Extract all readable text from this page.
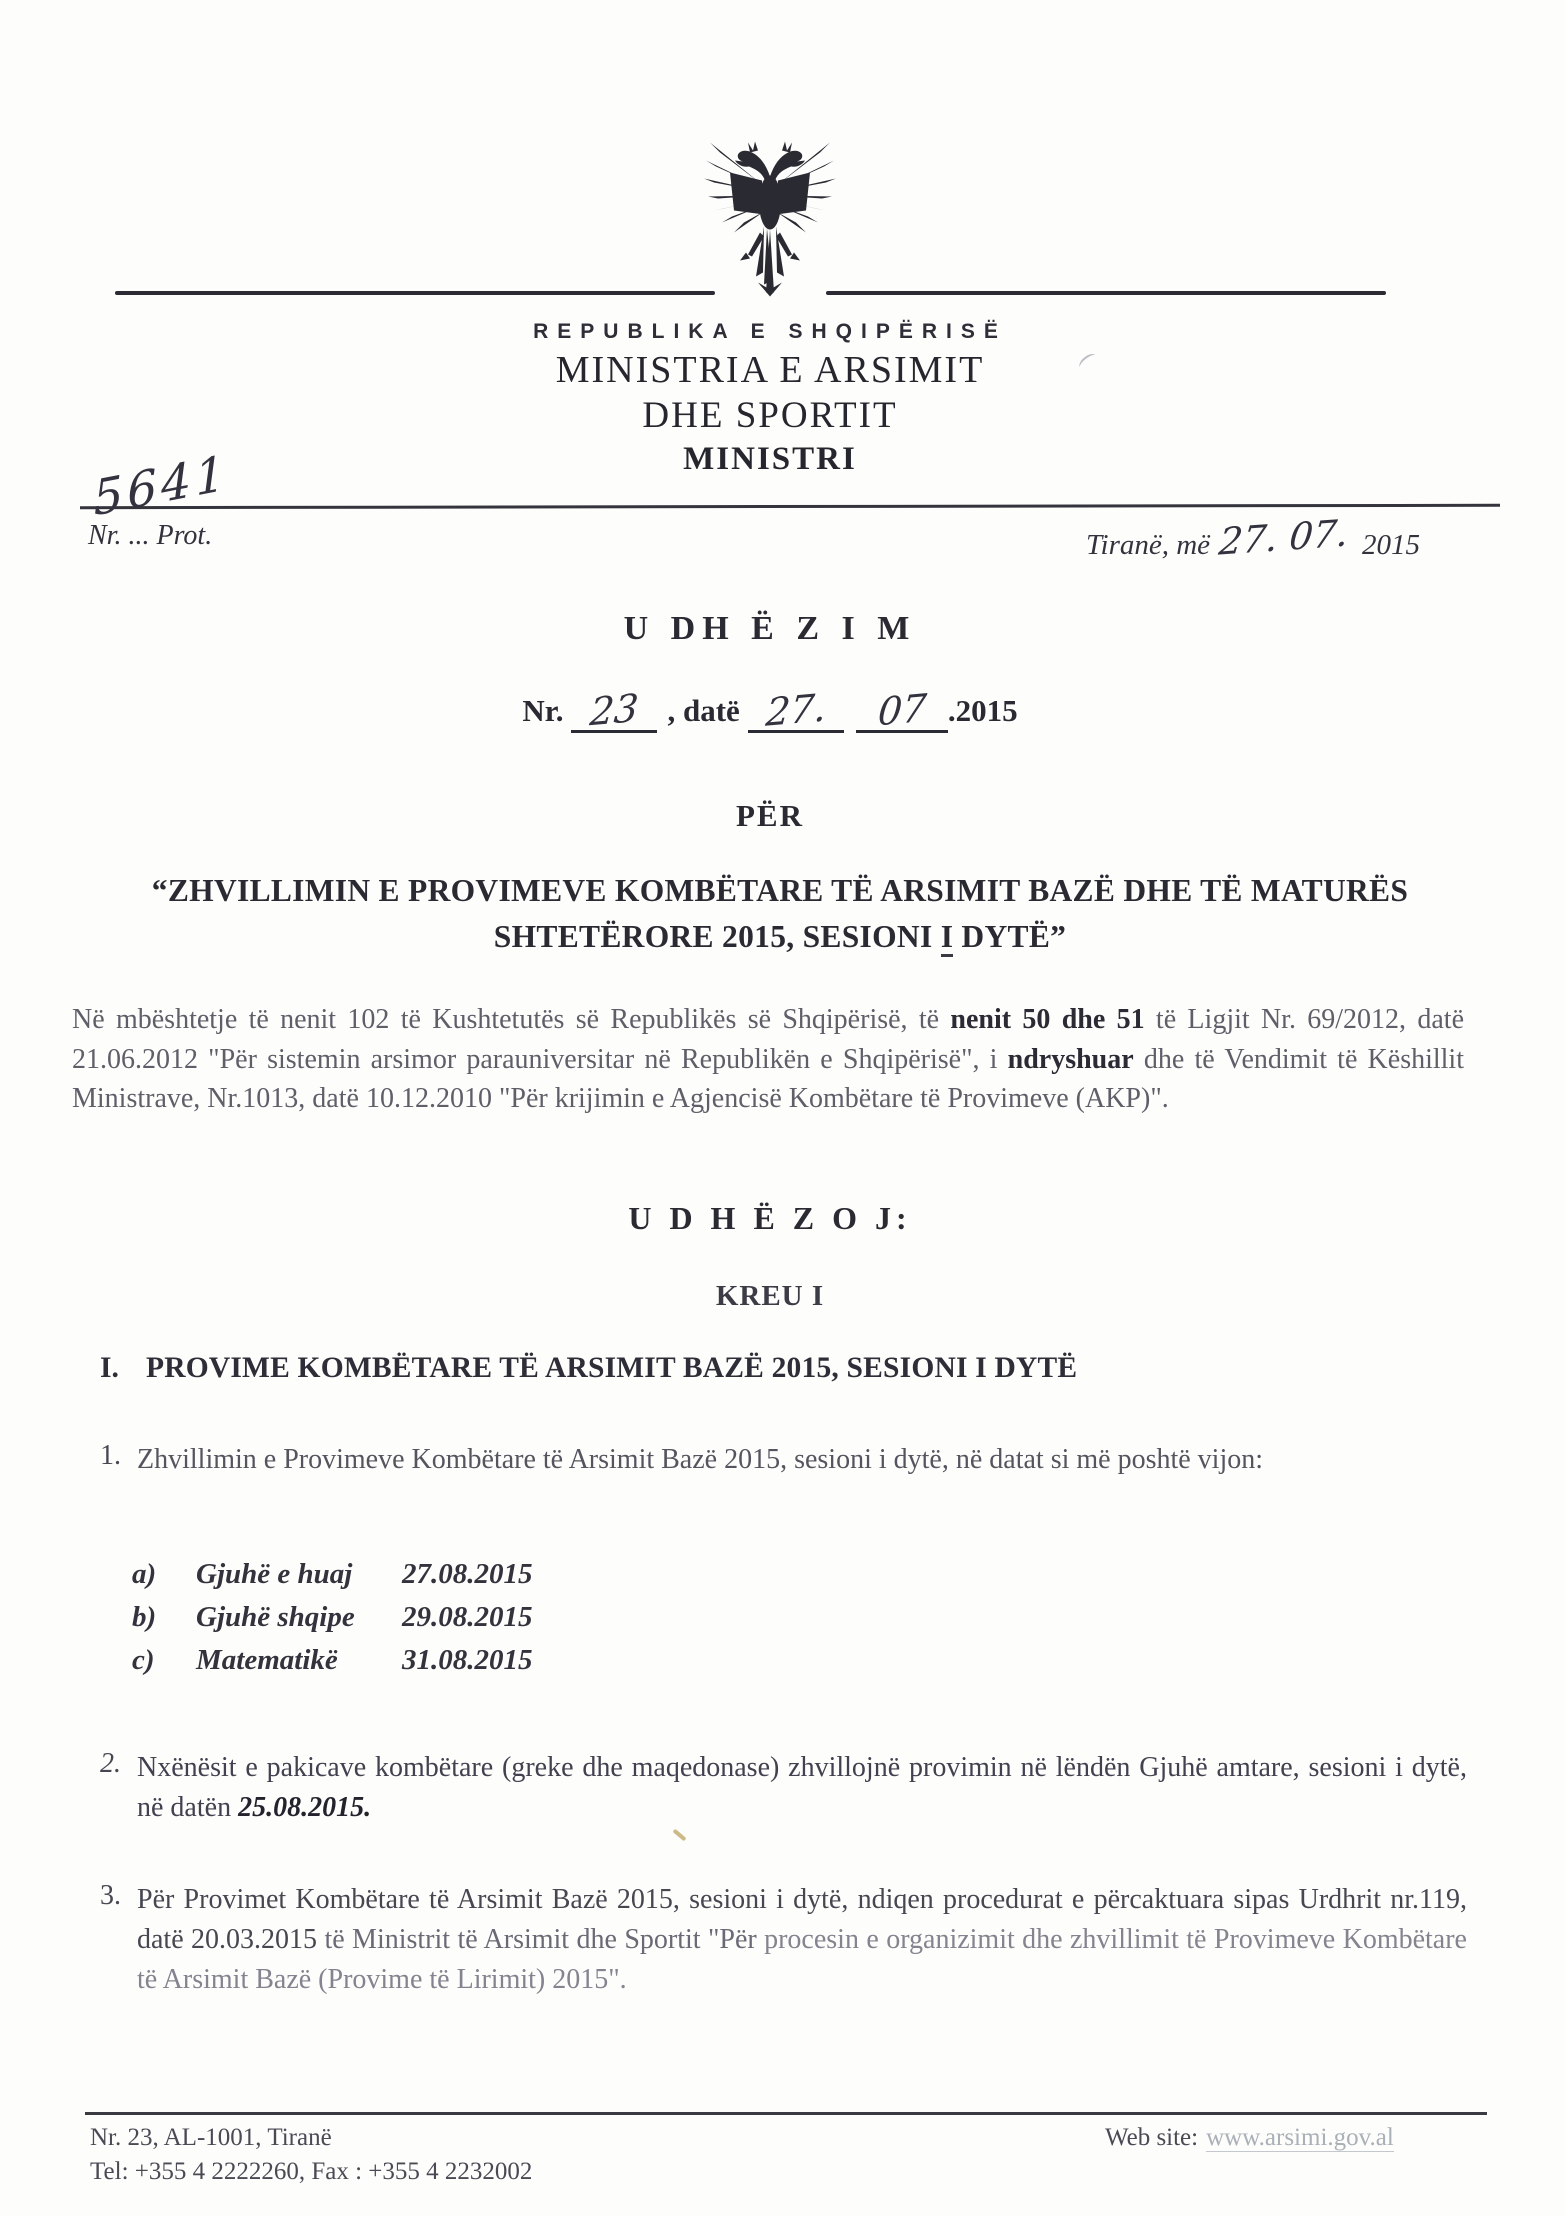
REPUBLIKA E SHQIPËRISË
MINISTRIA E ARSIMIT
DHE SPORTIT
MINISTRI
5641
Nr. ... Prot.	Tiranë, më 27. 07. 2015
U DH Ë Z I M
Nr. 23 , datë 27. 07 .2015
PËR
“ZHVILLIMIN E PROVIMEVE KOMBËTARE TË ARSIMIT BAZË DHE TË MATURËS
SHTETËRORE 2015, SESIONI I DYTË”
Në mbështetje të nenit 102 të Kushtetutës së Republikës së Shqipërisë, të nenit 50 dhe 51 të Ligjit Nr. 69/2012, datë 21.06.2012 "Për sistemin arsimor parauniversitar në Republikën e Shqipërisë", i ndryshuar dhe të Vendimit të Këshillit Ministrave, Nr.1013, datë 10.12.2010 "Për krijimin e Agjencisë Kombëtare të Provimeve (AKP)".
U D H Ë Z O J:
KREU I
I. PROVIME KOMBËTARE TË ARSIMIT BAZË 2015, SESIONI I DYTË
1. Zhvillimin e Provimeve Kombëtare të Arsimit Bazë 2015, sesioni i dytë, në datat si më poshtë vijon:
a) Gjuhë e huaj 27.08.2015
b) Gjuhë shqipe 29.08.2015
c) Matematikë 31.08.2015
2. Nxënësit e pakicave kombëtare (greke dhe maqedonase) zhvillojnë provimin në lëndën Gjuhë amtare, sesioni i dytë, në datën 25.08.2015.
3. Për Provimet Kombëtare të Arsimit Bazë 2015, sesioni i dytë, ndiqen procedurat e përcaktuara sipas Urdhrit nr.119, datë 20.03.2015 të Ministrit të Arsimit dhe Sportit "Për procesin e organizimit dhe zhvillimit të Provimeve Kombëtare të Arsimit Bazë (Provime të Lirimit) 2015".
Nr. 23, AL-1001, Tiranë
Tel: +355 4 2222260, Fax : +355 4 2232002
Web site: www.arsimi.gov.al
